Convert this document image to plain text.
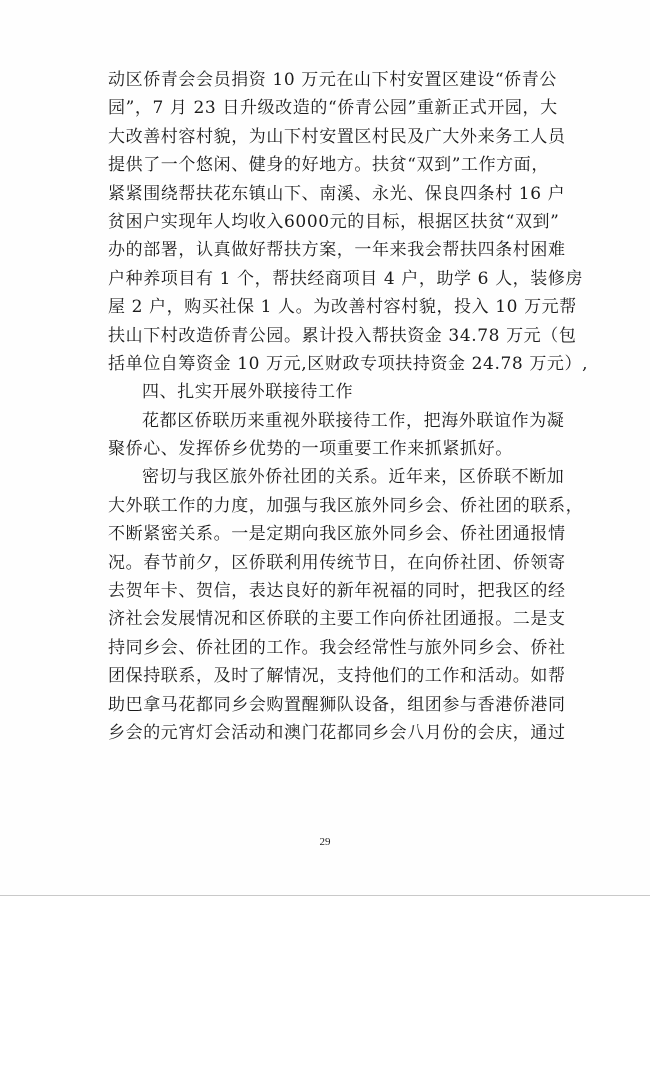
动区侨青会会员捐资 10 万元在山下村安置区建设“侨青公
园”，7 月 23 日升级改造的“侨青公园”重新正式开园，大
大改善村容村貌，为山下村安置区村民及广大外来务工人员
提供了一个悠闲、健身的好地方。扶贫“双到”工作方面，
紧紧围绕帮扶花东镇山下、南溪、永光、保良四条村 16 户
贫困户实现年人均收入6000元的目标，根据区扶贫“双到”
办的部署，认真做好帮扶方案，一年来我会帮扶四条村困难
户种养项目有 1 个，帮扶经商项目 4 户，助学 6 人，装修房
屋 2 户，购买社保 1 人。为改善村容村貌，投入 10 万元帮
扶山下村改造侨青公园。累计投入帮扶资金 34.78 万元（包
括单位自筹资金 10 万元,区财政专项扶持资金 24.78 万元）,
四、扎实开展外联接待工作
花都区侨联历来重视外联接待工作，把海外联谊作为凝
聚侨心、发挥侨乡优势的一项重要工作来抓紧抓好。
密切与我区旅外侨社团的关系。近年来，区侨联不断加
大外联工作的力度，加强与我区旅外同乡会、侨社团的联系，
不断紧密关系。一是定期向我区旅外同乡会、侨社团通报情
况。春节前夕，区侨联利用传统节日，在向侨社团、侨领寄
去贺年卡、贺信，表达良好的新年祝福的同时，把我区的经
济社会发展情况和区侨联的主要工作向侨社团通报。二是支
持同乡会、侨社团的工作。我会经常性与旅外同乡会、侨社
团保持联系，及时了解情况，支持他们的工作和活动。如帮
助巴拿马花都同乡会购置醒狮队设备，组团参与香港侨港同
乡会的元宵灯会活动和澳门花都同乡会八月份的会庆，通过
29
